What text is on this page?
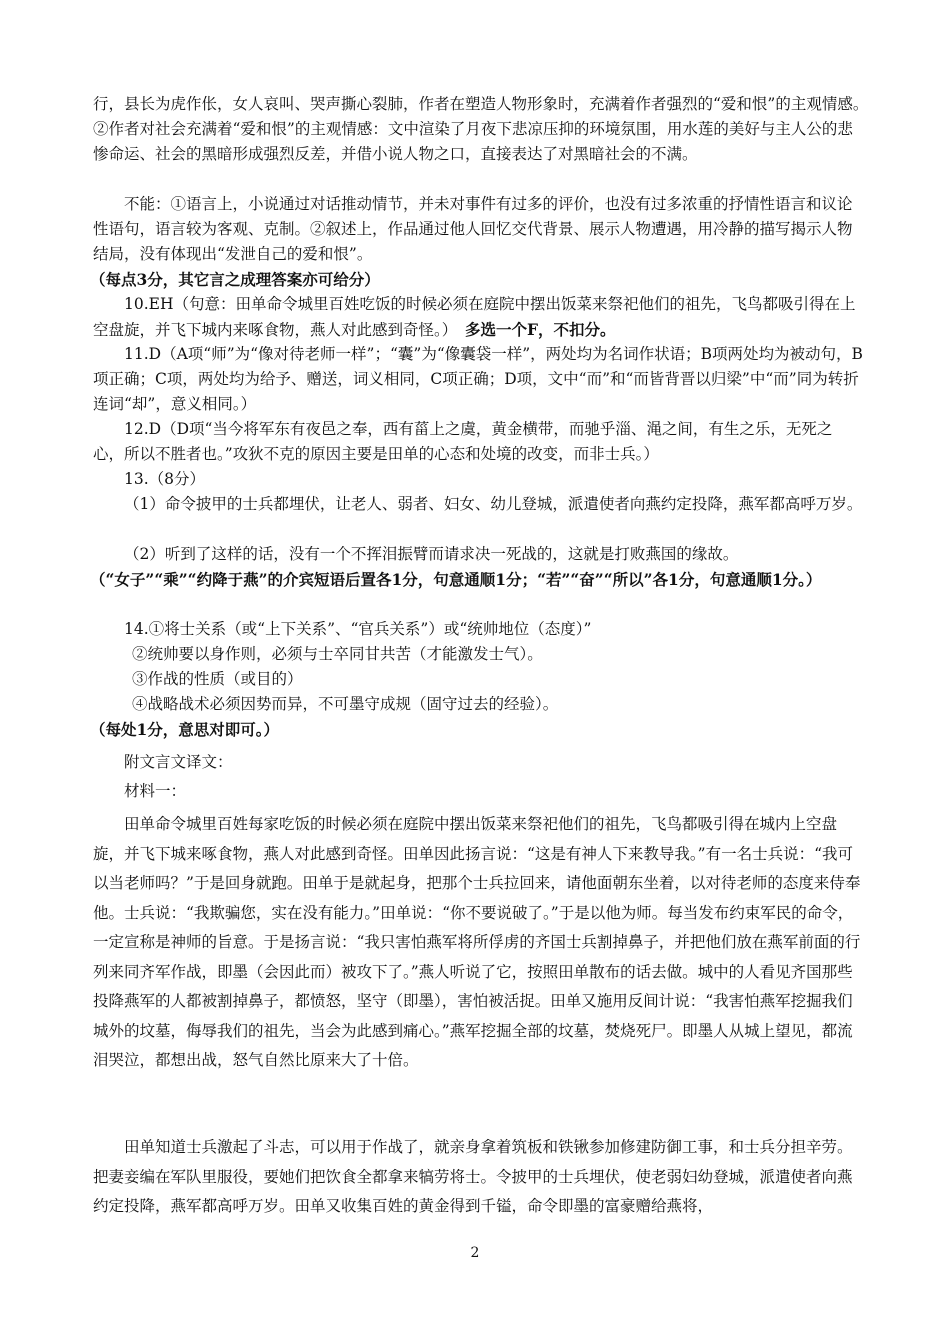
行，县长为虎作伥，女人哀叫、哭声撕心裂肺，作者在塑造人物形象时，充满着作者强烈的“爱和恨”的主观情感。　　②作者对社会充满着“爱和恨”的主观情感：文中渲染了月夜下悲凉压抑的环境氛围，用水莲的美好与主人公的悲惨命运、社会的黑暗形成强烈反差，并借小说人物之口，直接表达了对黑暗社会的不满。

不能：①语言上，小说通过对话推动情节，并未对事件有过多的评价，也没有过多浓重的抒情性语言和议论性语句，语言较为客观、克制。②叙述上，作品通过他人回忆交代背景、展示人物遭遇，用冷静的描写揭示人物结局，没有体现出“发泄自己的爱和恨”。

（每点3分，其它言之成理答案亦可给分）

10.EH（句意：田单命令城里百姓吃饭的时候必须在庭院中摆出饭菜来祭祀他们的祖先，飞鸟都吸引得在上空盘旋，并飞下城内来啄食物，燕人对此感到奇怪。）　 多选一个F，不扣分。

11.D（A项“师”为“像对待老师一样”；“囊”为“像囊袋一样”，两处均为名词作状语；B项两处均为被动句，B项正确；C项，两处均为给予、赠送，词义相同，C项正确；D项，文中“而”和“而皆背晋以归梁”中“而”同为转折连词“却”，意义相同。）

12.D（D项“当今将军东有夜邑之奉，西有菑上之虞，黄金横带，而驰乎淄、渑之间，有生之乐，无死之心，所以不胜者也。”攻狄不克的原因主要是田单的心态和处境的改变，而非士兵。）

13.（8分）

（1）命令披甲的士兵都埋伏，让老人、弱者、妇女、幼儿登城，派遣使者向燕约定投降，燕军都高呼万岁。

（2）听到了这样的话，没有一个不挥泪振臂而请求决一死战的，这就是打败燕国的缘故。

（“女子”“乘”“约降于燕”的介宾短语后置各1分，句意通顺1分；“若”“奋”“所以”各1分，句意通顺1分。）

14.①将士关系（或“上下关系”、“官兵关系”）或“统帅地位（态度）”

②统帅要以身作则，必须与士卒同甘共苦（才能激发士气）。

③作战的性质（或目的）

④战略战术必须因势而异，不可墨守成规（固守过去的经验）。

（每处1分，意思对即可。）

附文言文译文：

材料一：

田单命令城里百姓每家吃饭的时候必须在庭院中摆出饭菜来祭祀他们的祖先，飞鸟都吸引得在城内上空盘旋，并飞下城来啄食物，燕人对此感到奇怪。田单因此扬言说：“这是有神人下来教导我。”有一名士兵说：“我可以当老师吗？”于是回身就跑。田单于是就起身，把那个士兵拉回来，请他面朝东坐着，以对待老师的态度来侍奉他。士兵说：“我欺骗您，实在没有能力。”田单说：“你不要说破了。”于是以他为师。每当发布约束军民的命令，一定宣称是神师的旨意。于是扬言说：“我只害怕燕军将所俘虏的齐国士兵割掉鼻子，并把他们放在燕军前面的行列来同齐军作战，即墨（会因此而）被攻下了。”燕人听说了它，按照田单散布的话去做。城中的人看见齐国那些投降燕军的人都被割掉鼻子，都愤怒，坚守（即墨），害怕被活捉。田单又施用反间计说：“我害怕燕军挖掘我们城外的坟墓，侮辱我们的祖先，当会为此感到痛心。”燕军挖掘全部的坟墓，焚烧死尸。即墨人从城上望见，都流泪哭泣，都想出战，怒气自然比原来大了十倍。

田单知道士兵激起了斗志，可以用于作战了，就亲身拿着筑板和铁锹参加修建防御工事，和士兵分担辛劳。把妻妾编在军队里服役，要她们把饮食全都拿来犒劳将士。令披甲的士兵埋伏，使老弱妇幼登城，派遣使者向燕约定投降，燕军都高呼万岁。田单又收集百姓的黄金得到千镒，命令即墨的富豪赠给燕将，

2
